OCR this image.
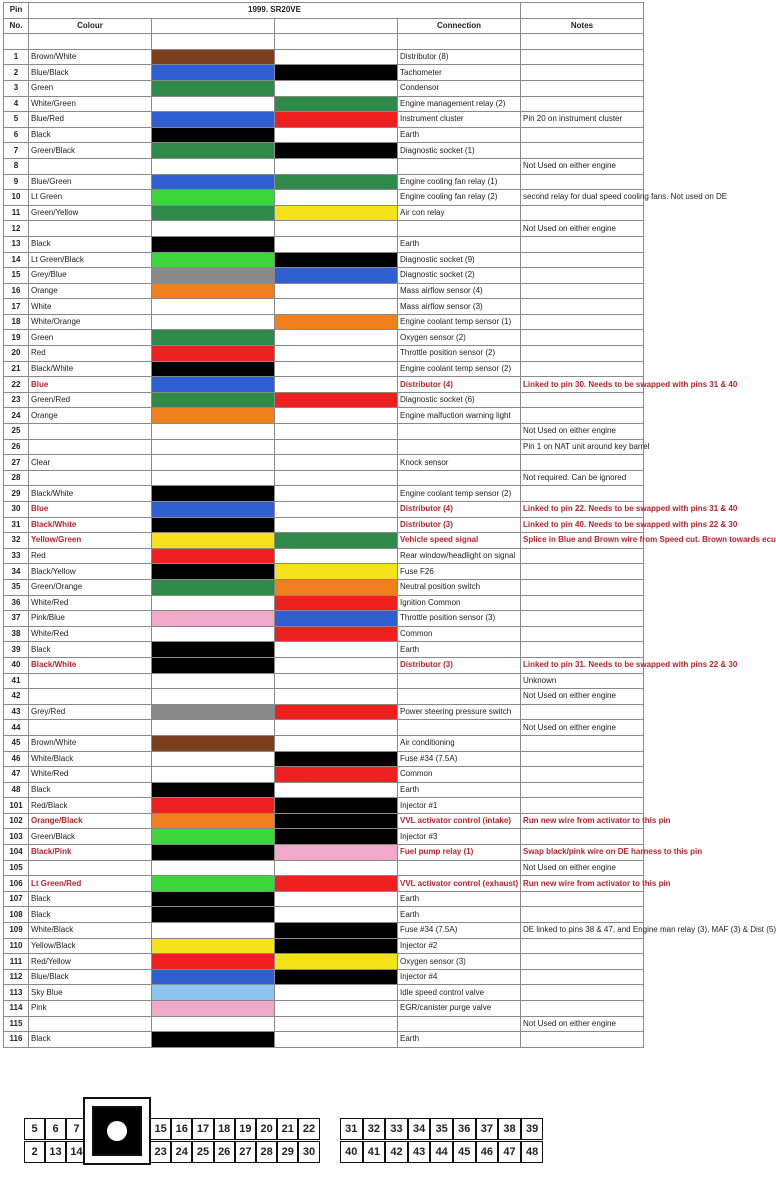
Pin	1999. SR20VE				
No.	Colour			Connection	Notes

1	Brown/White			Distributor (8)	
2	Blue/Black			Tachometer	
3	Green			Condensor	
4	White/Green			Engine management relay (2)	
5	Blue/Red			Instrument cluster	Pin 20 on instrument cluster
6	Black			Earth	
7	Green/Black			Diagnostic socket (1)	
8					Not Used on either engine
9	Blue/Green			Engine cooling fan relay (1)	
10	Lt Green			Engine cooling fan relay (2)	second relay for dual speed cooling fans. Not used on DE
11	Green/Yellow			Air con relay	
12					Not Used on either engine
13	Black			Earth	
14	Lt Green/Black			Diagnostic socket (9)	
15	Grey/Blue			Diagnostic socket (2)	
16	Orange			Mass airflow sensor (4)	
17	White			Mass airflow sensor (3)	
18	White/Orange			Engine coolant temp sensor (1)	
19	Green			Oxygen sensor (2)	
20	Red			Throttle position sensor (2)	
21	Black/White			Engine coolant temp sensor (2)	
22	Blue			Distributor (4)	Linked to pin 30. Needs to be swapped with pins 31 & 40
23	Green/Red			Diagnostic socket (6)	
24	Orange			Engine malfuction warning light	
25					Not Used on either engine
26					Pin 1 on NAT unit around key barrel
27	Clear			Knock sensor	
28					Not required. Can be ignored
29	Black/White			Engine coolant temp sensor (2)	
30	Blue			Distributor (4)	Linked to pin 22. Needs to be swapped with pins 31 & 40
31	Black/White			Distributor (3)	Linked to pin 40. Needs to be swapped with pins 22 & 30
32	Yellow/Green			Vehicle speed signal	Splice in Blue and Brown wire from Speed cut. Brown towards ecu
33	Red			Rear window/headlight on signal	
34	Black/Yellow			Fuse F26	
35	Green/Orange			Neutral position switch	
36	White/Red			Ignition Common	
37	Pink/Blue			Throttle position sensor (3)	
38	White/Red			Common	
39	Black			Earth	
40	Black/White			Distributor (3)	Linked to pin 31. Needs to be swapped with pins 22 & 30
41					Unknown
42					Not Used on either engine
43	Grey/Red			Power steering pressure switch	
44					Not Used on either engine
45	Brown/White			Air conditioning	
46	White/Black			Fuse #34 (7.5A)	
47	White/Red			Common	
48	Black			Earth	
101	Red/Black			Injector #1	
102	Orange/Black			VVL activator control (intake)	Run new wire from activator to this pin
103	Green/Black			Injector #3	
104	Black/Pink			Fuel pump relay (1)	Swap black/pink wire on DE harness to this pin
105					Not Used on either engine
106	Lt Green/Red			VVL activator control (exhaust)	Run new wire from activator to this pin
107	Black			Earth	
108	Black			Earth	
109	White/Black			Fuse #34 (7.5A)	DE linked to pins 38 & 47, and Engine man relay (3), MAF (3) & Dist (5)
110	Yellow/Black			Injector #2	
111	Red/Yellow			Oxygen sensor (3)	
112	Blue/Black			Injector #4	
113	Sky Blue			Idle speed control valve	
114	Pink			EGR/canister purge valve	
115					Not Used on either engine
116	Black			Earth	
5	6	7
2	13 14
15 16 17 18 19 20 21 22
23 24 25 26 27 28 29 30
31 32 33 34 35 36 37 38 39
40 41 42 43 44 45 46 47 48
